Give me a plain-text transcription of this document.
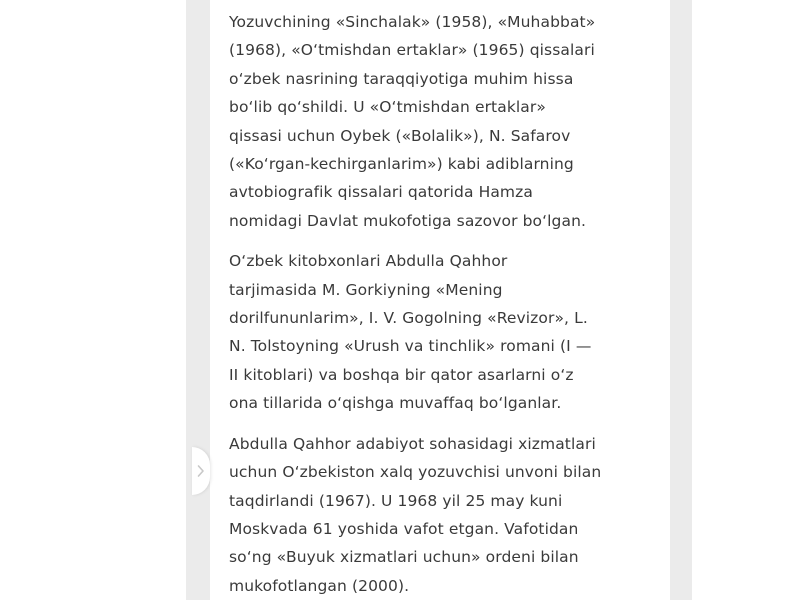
Yozuvchining «Sinchalak» (1958), «Muhabbat»
(1968), «O‘tmishdan ertaklar» (1965) qissalari
o‘zbek nasrining taraqqiyotiga muhim hissa
bo‘lib qo‘shildi. U «O‘tmishdan ertaklar»
qissasi uchun Oybek («Bolalik»), N. Safarov
(«Ko‘rgan-kechirganlarim») kabi adiblarning
avtobiografik qissalari qatorida Hamza
nomidagi Davlat mukofotiga sazovor bo‘lgan.

O‘zbek kitobxonlari Abdulla Qahhor
tarjimasida M. Gorkiyning «Mening
dorilfununlarim», I. V. Gogolning «Revizor», L.
N. Tolstoyning «Urush va tinchlik» romani (I —
II kitoblari) va boshqa bir qator asarlarni o‘z
ona tillarida o‘qishga muvaffaq bo‘lganlar.

Abdulla Qahhor adabiyot sohasidagi xizmatlari
uchun O‘zbekiston xalq yozuvchisi unvoni bilan
taqdirlandi (1967). U 1968 yil 25 may kuni
Moskvada 61 yoshida vafot etgan. Vafotidan
so‘ng «Buyuk xizmatlari uchun» ordeni bilan
mukofotlangan (2000).
